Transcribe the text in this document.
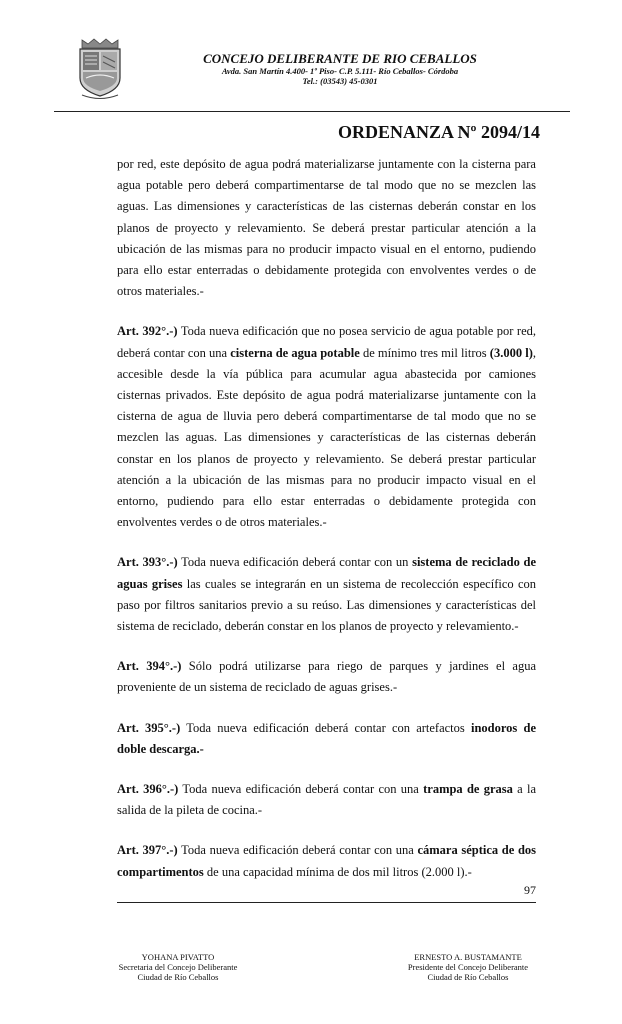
CONCEJO DELIBERANTE DE RIO CEBALLOS
Avda. San Martín 4.400- 1º Piso- C.P. 5.111- Río Ceballos- Córdoba
Tel.: (03543) 45-0301
ORDENANZA Nº 2094/14

por red, este depósito de agua podrá materializarse juntamente con la cisterna para agua potable pero deberá compartimentarse de tal modo que no se mezclen las aguas. Las dimensiones y características de las cisternas deberán constar en los planos de proyecto y relevamiento. Se deberá prestar particular atención a la ubicación de las mismas para no producir impacto visual en el entorno, pudiendo para ello estar enterradas o debidamente protegida con envolventes verdes o de otros materiales.-

Art. 392°.-) Toda nueva edificación que no posea servicio de agua potable por red, deberá contar con una cisterna de agua potable de mínimo tres mil litros (3.000 l), accesible desde la vía pública para acumular agua abastecida por camiones cisternas privados. Este depósito de agua podrá materializarse juntamente con la cisterna de agua de lluvia pero deberá compartimentarse de tal modo que no se mezclen las aguas. Las dimensiones y características de las cisternas deberán constar en los planos de proyecto y relevamiento. Se deberá prestar particular atención a la ubicación de las mismas para no producir impacto visual en el entorno, pudiendo para ello estar enterradas o debidamente protegida con envolventes verdes o de otros materiales.-

Art. 393°.-) Toda nueva edificación deberá contar con un sistema de reciclado de aguas grises las cuales se integrarán en un sistema de recolección específico con paso por filtros sanitarios previo a su reúso. Las dimensiones y características del sistema de reciclado, deberán constar en los planos de proyecto y relevamiento.-

Art. 394°.-) Sólo podrá utilizarse para riego de parques y jardines el agua proveniente de un sistema de reciclado de aguas grises.-

Art. 395°.-) Toda nueva edificación deberá contar con artefactos inodoros de doble descarga.-

Art. 396°.-) Toda nueva edificación deberá contar con una trampa de grasa a la salida de la pileta de cocina.-

Art. 397°.-) Toda nueva edificación deberá contar con una cámara séptica de dos compartimentos de una capacidad mínima de dos mil litros (2.000 l).-

97
YOHANA PIVATTO
Secretaria del Concejo Deliberante
Ciudad de Río Ceballos
ERNESTO A. BUSTAMANTE
Presidente del Concejo Deliberante
Ciudad de Río Ceballos
